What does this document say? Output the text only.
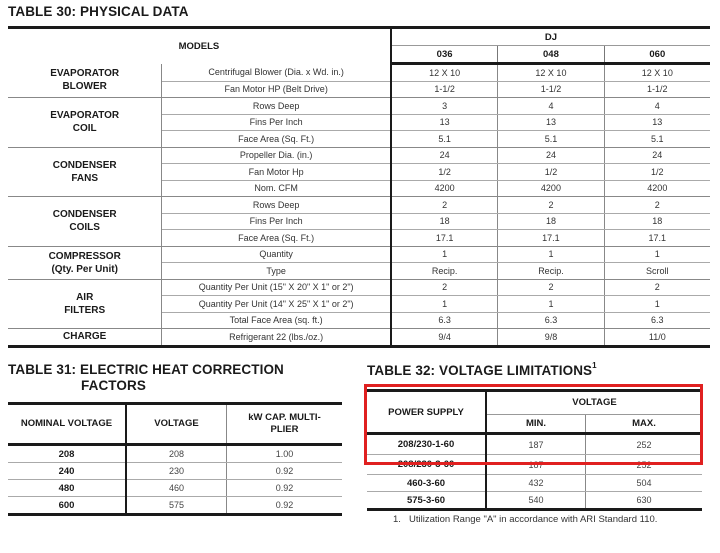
TABLE 30: PHYSICAL DATA
MODELS		DJ		
		036	048	060
EVAPORATOR
BLOWER	Centrifugal Blower (Dia. x Wd. in.)	12 X 10	12 X 10	12 X 10
	Fan Motor HP (Belt Drive)	1-1/2	1-1/2	1-1/2
EVAPORATOR
COIL	Rows Deep	3	4	4
	Fins Per Inch	13	13	13
	Face Area (Sq. Ft.)	5.1	5.1	5.1
CONDENSER
FANS	Propeller Dia. (in.)	24	24	24
	Fan Motor Hp	1/2	1/2	1/2
	Nom. CFM	4200	4200	4200
CONDENSER
COILS	Rows Deep	2	2	2
	Fins Per Inch	18	18	18
	Face Area (Sq. Ft.)	17.1	17.1	17.1
COMPRESSOR
(Qty. Per Unit)	Quantity	1	1	1
	Type	Recip.	Recip.	Scroll
AIR
FILTERS	Quantity Per Unit (15" X 20" X 1" or 2")	2	2	2
	Quantity Per Unit (14" X 25" X 1" or 2")	1	1	1
	Total Face Area (sq. ft.)	6.3	6.3	6.3
CHARGE	Refrigerant 22 (lbs./oz.)	9/4	9/8	11/0
TABLE 31: ELECTRIC HEAT CORRECTION
FACTORS
NOMINAL VOLTAGE	VOLTAGE	kW CAP. MULTI-
PLIER
208	208	1.00
240	230	0.92
480	460	0.92
600	575	0.92
TABLE 32: VOLTAGE LIMITATIONS$^1$
POWER SUPPLY	VOLTAGE	
	MIN.	MAX.
208/230-1-60	187	252
208/230-3-60	187	252
460-3-60	432	504
575-3-60	540	630
1. Utilization Range "A" in accordance with ARI Standard 110.
